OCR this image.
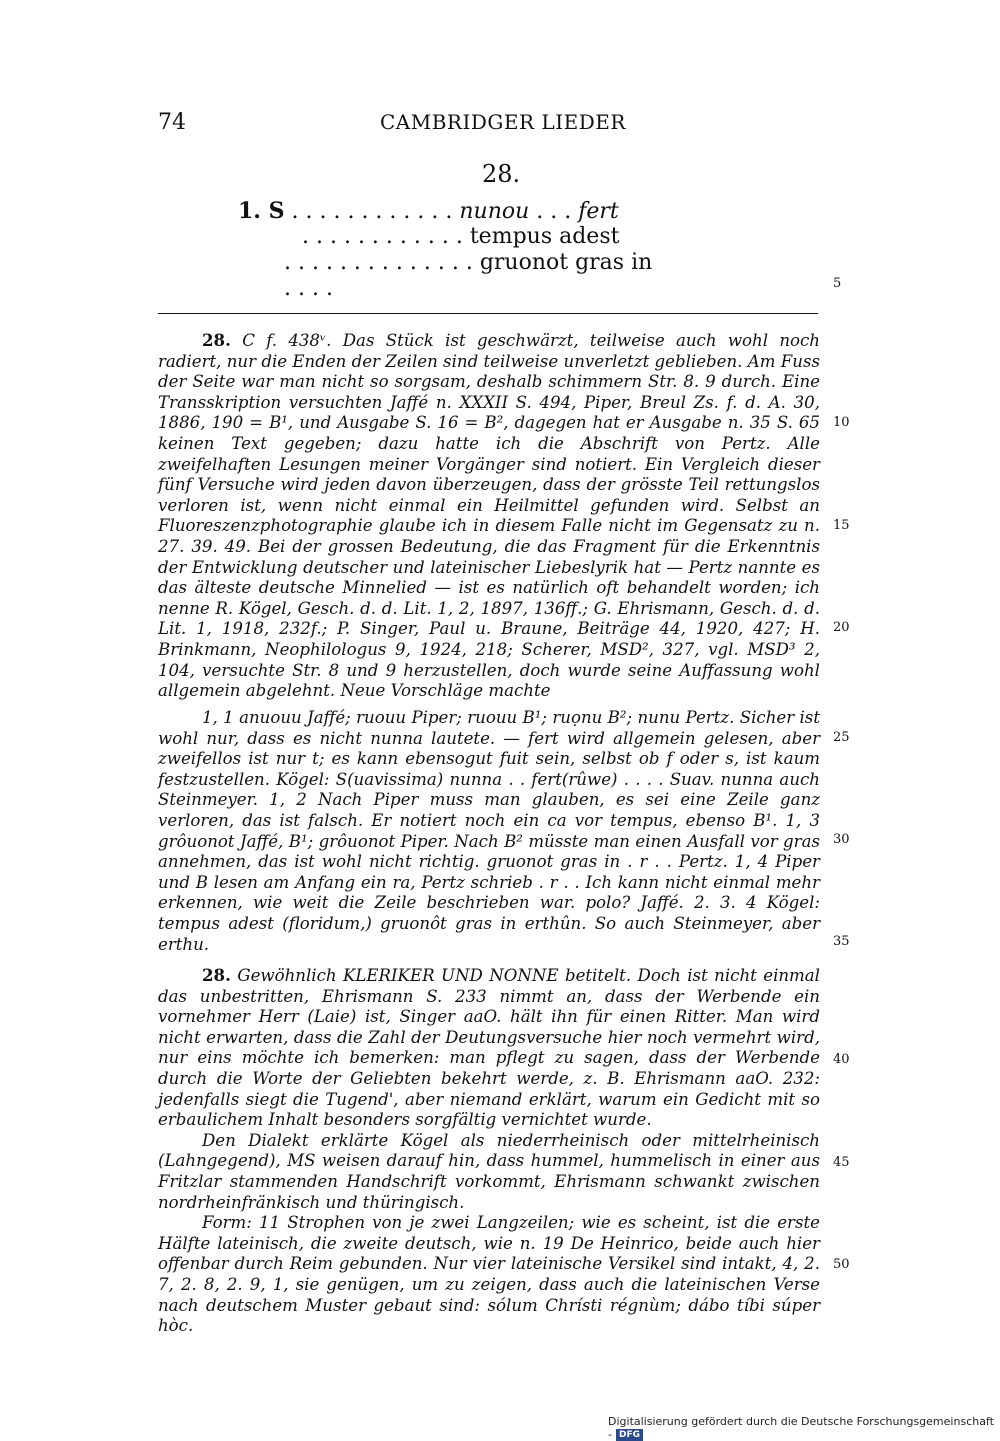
74	CAMBRIDGER LIEDER
28.
1. S . . . . . . . . . . . . nunou . . . fert
. . . . . . . . . . . . tempus adest
. . . . . . . . . . . . . . gruonot gras in
. . . .

28. C f. 438ᵛ. Das Stück ist geschwärzt, teilweise auch wohl noch radiert, nur die Enden der Zeilen sind teilweise unverletzt geblieben. Am Fuss der Seite war man nicht so sorgsam, deshalb schimmern Str. 8. 9 durch. Eine Transskription versuchten Jaffé n. XXXII S. 494, Piper, Breul Zs. f. d. A. 30, 1886, 190 = B¹, und Ausgabe S. 16 = B², dagegen hat er Ausgabe n. 35 S. 65 keinen Text gegeben; dazu hatte ich die Abschrift von Pertz. Alle zweifelhaften Lesungen meiner Vorgänger sind notiert. Ein Vergleich dieser fünf Versuche wird jeden davon überzeugen, dass der grösste Teil rettungslos verloren ist, wenn nicht einmal ein Heilmittel gefunden wird. Selbst an Fluoreszenzphotographie glaube ich in diesem Falle nicht im Gegensatz zu n. 27. 39. 49. Bei der grossen Bedeutung, die das Fragment für die Erkenntnis der Entwicklung deutscher und lateinischer Liebeslyrik hat — Pertz nannte es das älteste deutsche Minnelied — ist es natürlich oft behandelt worden; ich nenne R. Kögel, Gesch. d. d. Lit. 1, 2, 1897, 136ff.; G. Ehrismann, Gesch. d. d. Lit. 1, 1918, 232f.; P. Singer, Paul u. Braune, Beiträge 44, 1920, 427; H. Brinkmann, Neophilologus 9, 1924, 218; Scherer, MSD², 327, vgl. MSD³ 2, 104, versuchte Str. 8 und 9 herzustellen, doch wurde seine Auffassung wohl allgemein abgelehnt. Neue Vorschläge machte

1, 1 anuouu Jaffé; ruouu Piper; ruouu B¹; ruọnu B²; nunu Pertz. Sicher ist wohl nur, dass es nicht nunna lautete. — fert wird allgemein gelesen, aber zweifellos ist nur t; es kann ebensogut fuit sein, selbst ob f oder s, ist kaum festzustellen. Kögel: S(uavissima) nunna . . fert(rûwe) . . . . Suav. nunna auch Steinmeyer. 1, 2 Nach Piper muss man glauben, es sei eine Zeile ganz verloren, das ist falsch. Er notiert noch ein ca vor tempus, ebenso B¹. 1, 3 grôuonot Jaffé, B¹; grôuonot Piper. Nach B² müsste man einen Ausfall vor gras annehmen, das ist wohl nicht richtig. gruonot gras in . r . . Pertz. 1, 4 Piper und B lesen am Anfang ein ra, Pertz schrieb . r . . Ich kann nicht einmal mehr erkennen, wie weit die Zeile beschrieben war. polo? Jaffé. 2. 3. 4 Kögel: tempus adest (floridum,) gruonôt gras in erthûn. So auch Steinmeyer, aber erthu.

28. Gewöhnlich KLERIKER UND NONNE betitelt. Doch ist nicht einmal das unbestritten, Ehrismann S. 233 nimmt an, dass der Werbende ein vornehmer Herr (Laie) ist, Singer aaO. hält ihn für einen Ritter. Man wird nicht erwarten, dass die Zahl der Deutungsversuche hier noch vermehrt wird, nur eins möchte ich bemerken: man pflegt zu sagen, dass der Werbende durch die Worte der Geliebten bekehrt werde, z. B. Ehrismann aaO. 232: jedenfalls siegt die Tugend', aber niemand erklärt, warum ein Gedicht mit so erbaulichem Inhalt besonders sorgfältig vernichtet wurde.

Den Dialekt erklärte Kögel als niederrheinisch oder mittelrheinisch (Lahngegend), MS weisen darauf hin, dass hummel, hummelisch in einer aus Fritzlar stammenden Handschrift vorkommt, Ehrismann schwankt zwischen nordrheinfränkisch und thüringisch.

Form: 11 Strophen von je zwei Langzeilen; wie es scheint, ist die erste Hälfte lateinisch, die zweite deutsch, wie n. 19 De Heinrico, beide auch hier offenbar durch Reim gebunden. Nur vier lateinische Versikel sind intakt, 4, 2. 7, 2. 8, 2. 9, 1, sie genügen, um zu zeigen, dass auch die lateinischen Verse nach deutschem Muster gebaut sind: sólum Chrísti régnùm; dábo tíbi súper hòc.

5
10
15
20
25
30
35
40
45
50
Digitalisierung gefördert durch die Deutsche Forschungsgemeinschaft - DFG
